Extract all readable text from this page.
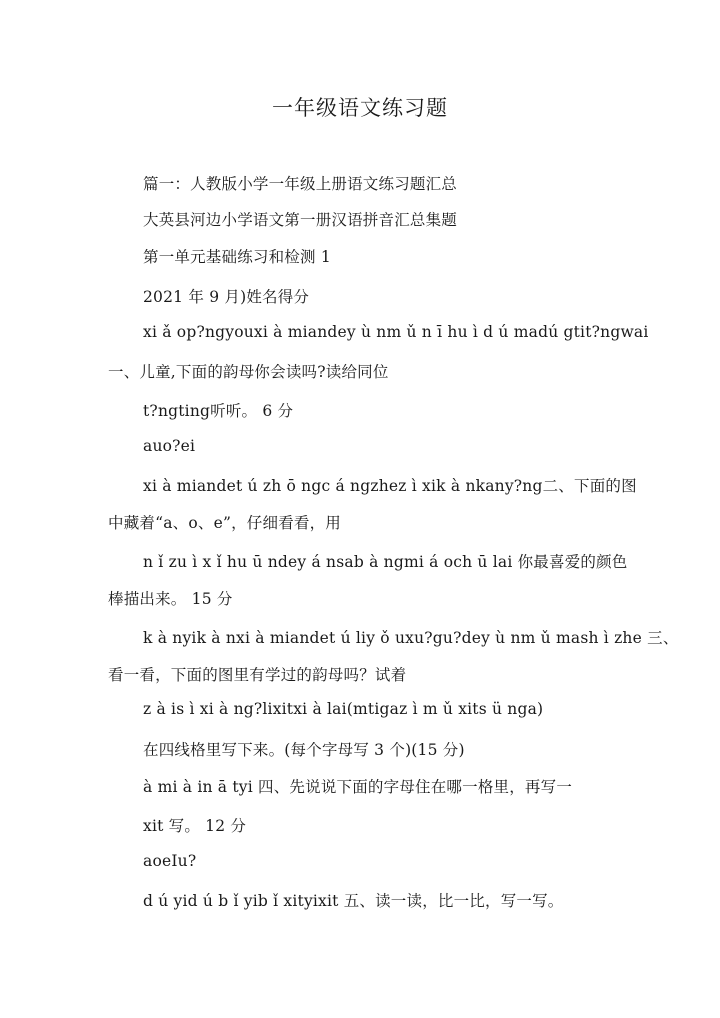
一年级语文练习题
篇一：人教版小学一年级上册语文练习题汇总
大英县河边小学语文第一册汉语拼音汇总集题
第一单元基础练习和检测 1
2021 年 9 月)姓名得分
xi ǎ op?ngyouxi à miandey ù nm ǔ n ī hu ì d ú madú gtit?ngwai
一、儿童,下面的韵母你会读吗?读给同位
t?ngting听听。 6 分
auo?ei
xi à miandet ú zh ō ngc á ngzhez ì xik à nkany?ng二、下面的图
中藏着“a、o、e”，仔细看看，用
n ǐ zu ì x ǐ hu ū ndey á nsab à ngmi á och ū lai 你最喜爱的颜色
棒描出来。 15 分
k à nyik à nxi à miandet ú liy ǒ uxu?gu?dey ù nm ǔ mash ì zhe 三、
看一看，下面的图里有学过的韵母吗？试着
z à is ì xi à ng?lixitxi à lai(mtigaz ì m ǔ xits ü nga)
在四线格里写下来。(每个字母写 3 个)(15 分)
à mi à in ā tyi 四、先说说下面的字母住在哪一格里，再写一
xit 写。 12 分
aoeIu?
d ú yid ú b ǐ yib ǐ xityixit 五、读一读，比一比，写一写。
